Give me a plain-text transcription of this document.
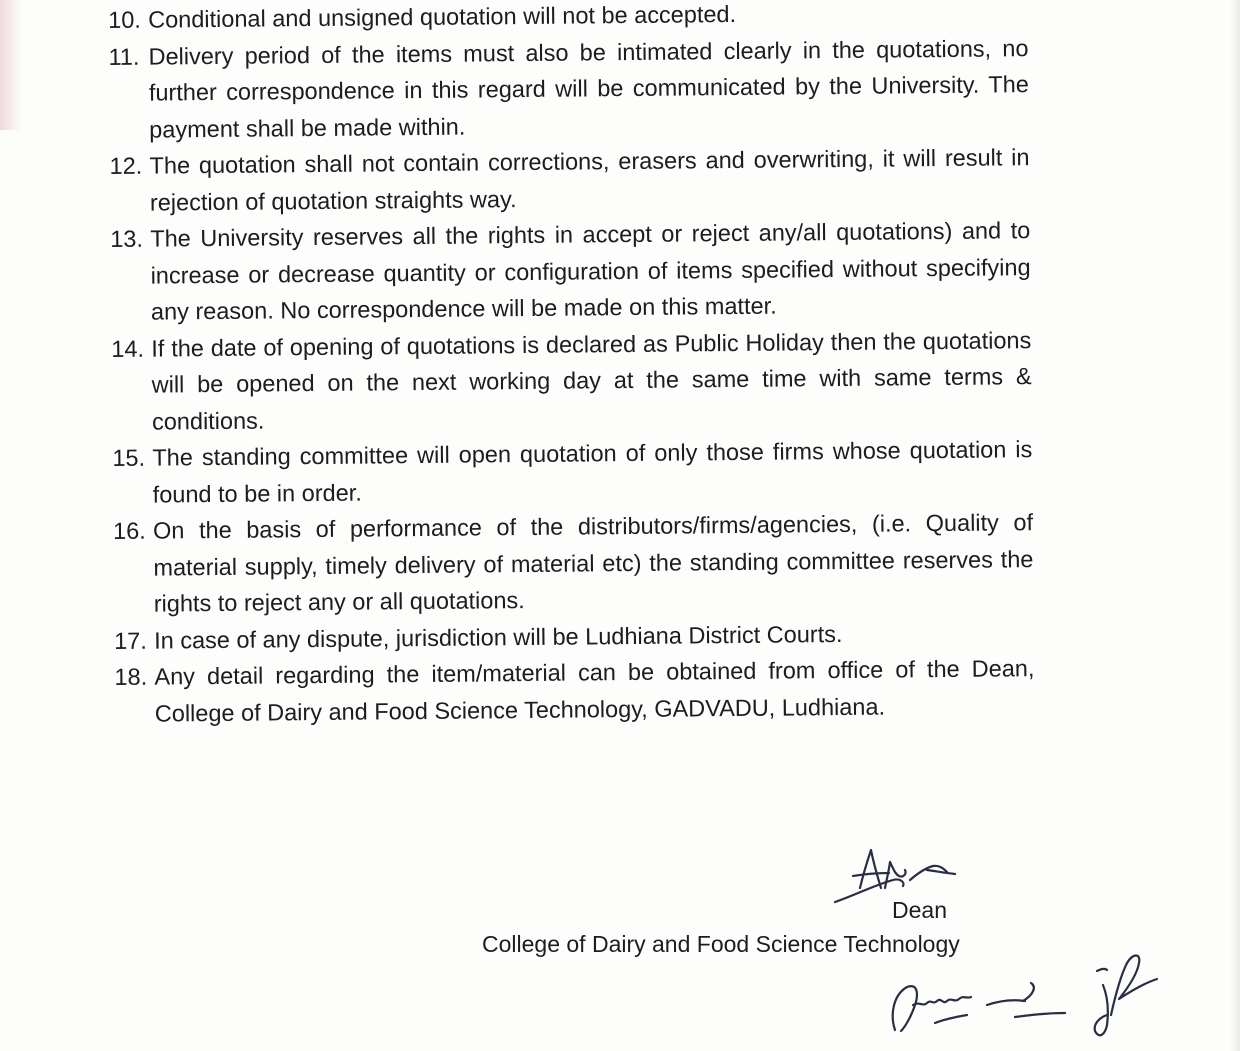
10. Conditional and unsigned quotation will not be accepted.
11. Delivery period of the items must also be intimated clearly in the quotations, no further correspondence in this regard will be communicated by the University. The payment shall be made within.
12. The quotation shall not contain corrections, erasers and overwriting, it will result in rejection of quotation straights way.
13. The University reserves all the rights in accept or reject any/all quotations) and to increase or decrease quantity or configuration of items specified without specifying any reason. No correspondence will be made on this matter.
14. If the date of opening of quotations is declared as Public Holiday then the quotations will be opened on the next working day at the same time with same terms & conditions.
15. The standing committee will open quotation of only those firms whose quotation is found to be in order.
16. On the basis of performance of the distributors/firms/agencies, (i.e. Quality of material supply, timely delivery of material etc) the standing committee reserves the rights to reject any or all quotations.
17. In case of any dispute, jurisdiction will be Ludhiana District Courts.
18. Any detail regarding the item/material can be obtained from office of the Dean, College of Dairy and Food Science Technology, GADVADU, Ludhiana.
Dean
College of Dairy and Food Science Technology
